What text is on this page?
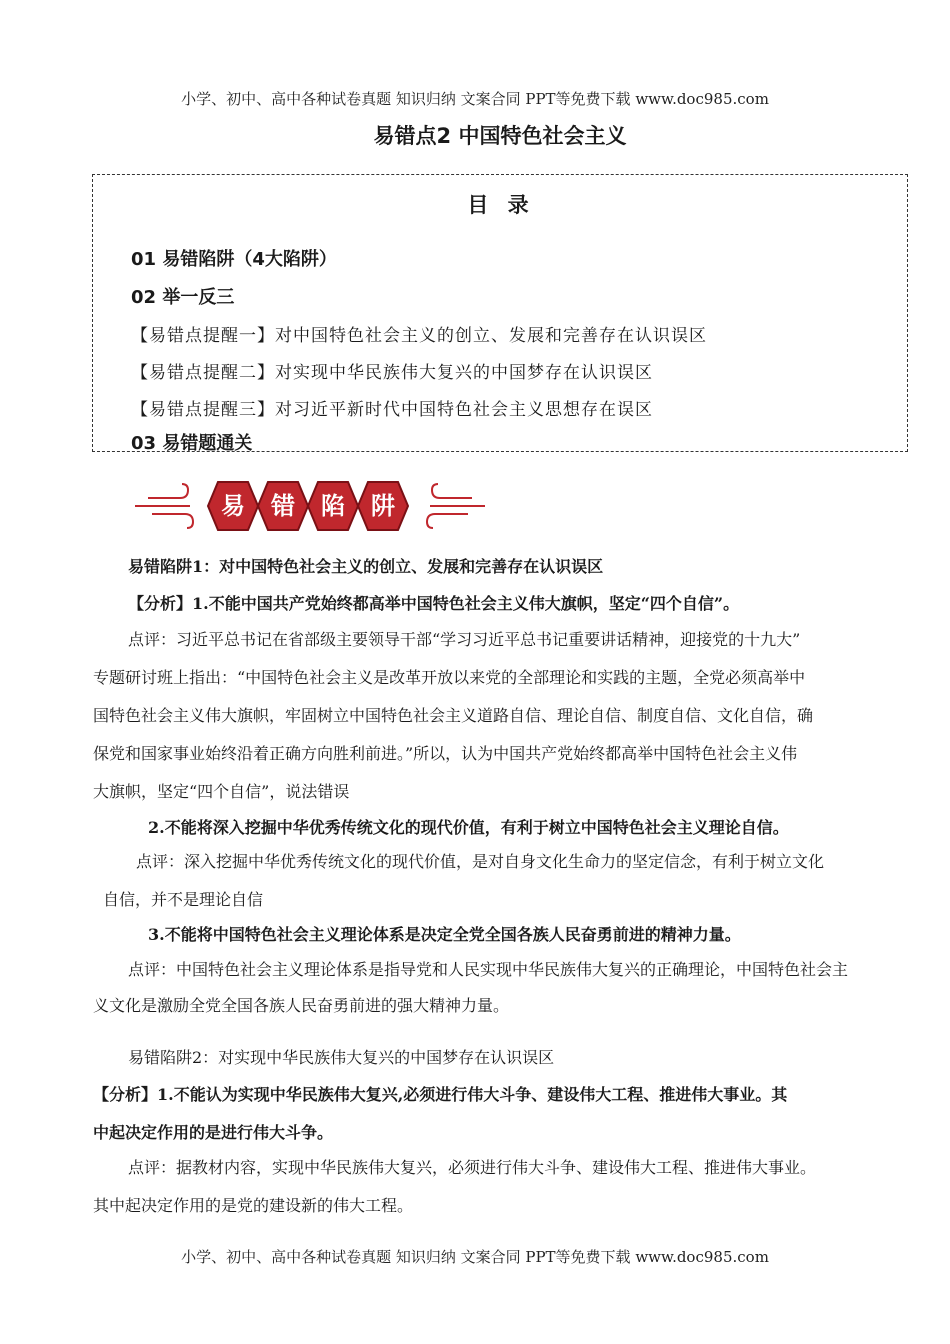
小学、初中、高中各种试卷真题 知识归纳 文案合同 PPT等免费下载 www.doc985.com
易错点2 中国特色社会主义
目 录
01 易错陷阱（4大陷阱）
02 举一反三
【易错点提醒一】对中国特色社会主义的创立、发展和完善存在认识误区
【易错点提醒二】对实现中华民族伟大复兴的中国梦存在认识误区
【易错点提醒三】对习近平新时代中国特色社会主义思想存在误区
03 易错题通关
易 错 陷 阱
易错陷阱1：对中国特色社会主义的创立、发展和完善存在认识误区
【分析】1.不能中国共产党始终都高举中国特色社会主义伟大旗帜，坚定“四个自信”。
点评：习近平总书记在省部级主要领导干部“学习习近平总书记重要讲话精神，迎接党的十九大”
专题研讨班上指出：“中国特色社会主义是改革开放以来党的全部理论和实践的主题，全党必须高举中
国特色社会主义伟大旗帜，牢固树立中国特色社会主义道路自信、理论自信、制度自信、文化自信，确
保党和国家事业始终沿着正确方向胜利前进。”所以，认为中国共产党始终都高举中国特色社会主义伟
大旗帜，坚定“四个自信”，说法错误
2.不能将深入挖掘中华优秀传统文化的现代价值，有利于树立中国特色社会主义理论自信。
点评：深入挖掘中华优秀传统文化的现代价值，是对自身文化生命力的坚定信念，有利于树立文化
自信，并不是理论自信
3.不能将中国特色社会主义理论体系是决定全党全国各族人民奋勇前进的精神力量。
点评：中国特色社会主义理论体系是指导党和人民实现中华民族伟大复兴的正确理论，中国特色社会主
义文化是激励全党全国各族人民奋勇前进的强大精神力量。
易错陷阱2：对实现中华民族伟大复兴的中国梦存在认识误区
【分析】1.不能认为实现中华民族伟大复兴,必须进行伟大斗争、建设伟大工程、推进伟大事业。其
中起决定作用的是进行伟大斗争。
点评：据教材内容，实现中华民族伟大复兴，必须进行伟大斗争、建设伟大工程、推进伟大事业。
其中起决定作用的是党的建设新的伟大工程。
小学、初中、高中各种试卷真题 知识归纳 文案合同 PPT等免费下载 www.doc985.com
